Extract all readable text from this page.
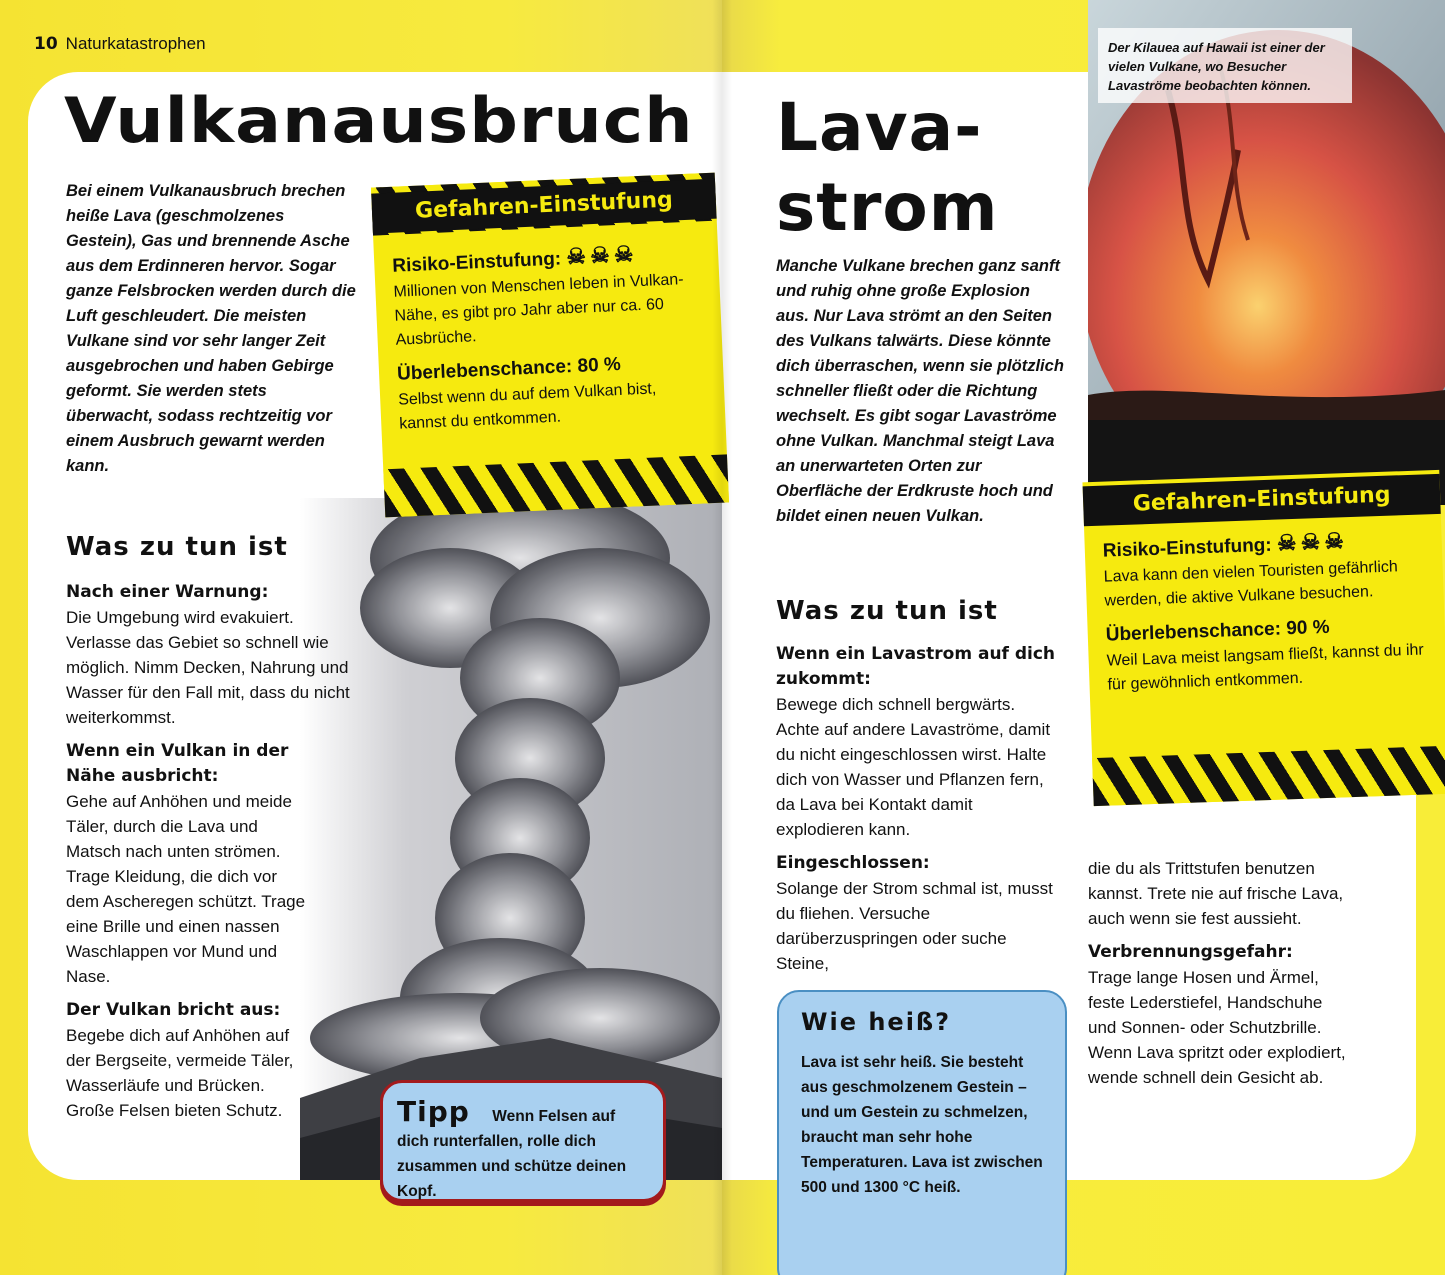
10 Naturkatastrophen	Der Kilauea auf Hawaii ist einer der vielen Vulkane, wo Besucher Lavaströme beobachten können.
Vulkanausbruch
Bei einem Vulkanausbruch brechen heiße Lava (geschmolzenes Gestein), Gas und brennende Asche aus dem Erdinneren hervor. Sogar ganze Felsbrocken werden durch die Luft geschleudert. Die meisten Vulkane sind vor sehr langer Zeit ausgebrochen und haben Gebirge geformt. Sie werden stets überwacht, sodass rechtzeitig vor einem Ausbruch gewarnt werden kann.
Gefahren-Einstufung
Risiko-Einstufung: ☠☠☠
Millionen von Menschen leben in Vulkan-Nähe, es gibt pro Jahr aber nur ca. 60 Ausbrüche.
Überlebenschance: 80 %
Selbst wenn du auf dem Vulkan bist, kannst du entkommen.
Was zu tun ist

Nach einer Warnung:

Die Umgebung wird evakuiert. Verlasse das Gebiet so schnell wie möglich. Nimm Decken, Nahrung und Wasser für den Fall mit, dass du nicht weiterkommst.

Wenn ein Vulkan in der Nähe ausbricht:

Gehe auf Anhöhen und meide Täler, durch die Lava und Matsch nach unten strömen. Trage Kleidung, die dich vor dem Ascheregen schützt. Trage eine Brille und einen nassen Waschlappen vor Mund und Nase.

Der Vulkan bricht aus:

Begebe dich auf Anhöhen auf der Bergseite, vermeide Täler, Wasserläufe und Brücken. Große Felsen bieten Schutz.	Tipp Wenn Felsen auf dich runterfallen, rolle dich zusammen und schütze deinen Kopf.
Lava-
strom
Manche Vulkane brechen ganz sanft und ruhig ohne große Explosion aus. Nur Lava strömt an den Seiten des Vulkans talwärts. Diese könnte dich überraschen, wenn sie plötzlich schneller fließt oder die Richtung wechselt. Es gibt sogar Lavaströme ohne Vulkan. Manchmal steigt Lava an unerwarteten Orten zur Oberfläche der Erdkruste hoch und bildet einen neuen Vulkan.	Gefahren-Einstufung
Risiko-Einstufung: ☠☠☠
Lava kann den vielen Touristen gefährlich werden, die aktive Vulkane besuchen.
Überlebenschance: 90 %
Weil Lava meist langsam fließt, kannst du ihr für gewöhnlich entkommen.
Was zu tun ist

Wenn ein Lavastrom auf dich zukommt:

Bewege dich schnell bergwärts. Achte auf andere Lavaströme, damit du nicht eingeschlossen wirst. Halte dich von Wasser und Pflanzen fern, da Lava bei Kontakt damit explodieren kann.

Eingeschlossen:

Solange der Strom schmal ist, musst du fliehen. Versuche darüberzuspringen oder suche Steine,

die du als Trittstufen benutzen kannst. Trete nie auf frische Lava, auch wenn sie fest aussieht.

Verbrennungsgefahr:

Trage lange Hosen und Ärmel, feste Lederstiefel, Handschuhe und Sonnen- oder Schutzbrille. Wenn Lava spritzt oder explodiert, wende schnell dein Gesicht ab.

Wie heiß?
Lava ist sehr heiß. Sie besteht aus geschmolzenem Gestein – und um Gestein zu schmelzen, braucht man sehr hohe Temperaturen. Lava ist zwischen 500 und 1300 °C heiß.
